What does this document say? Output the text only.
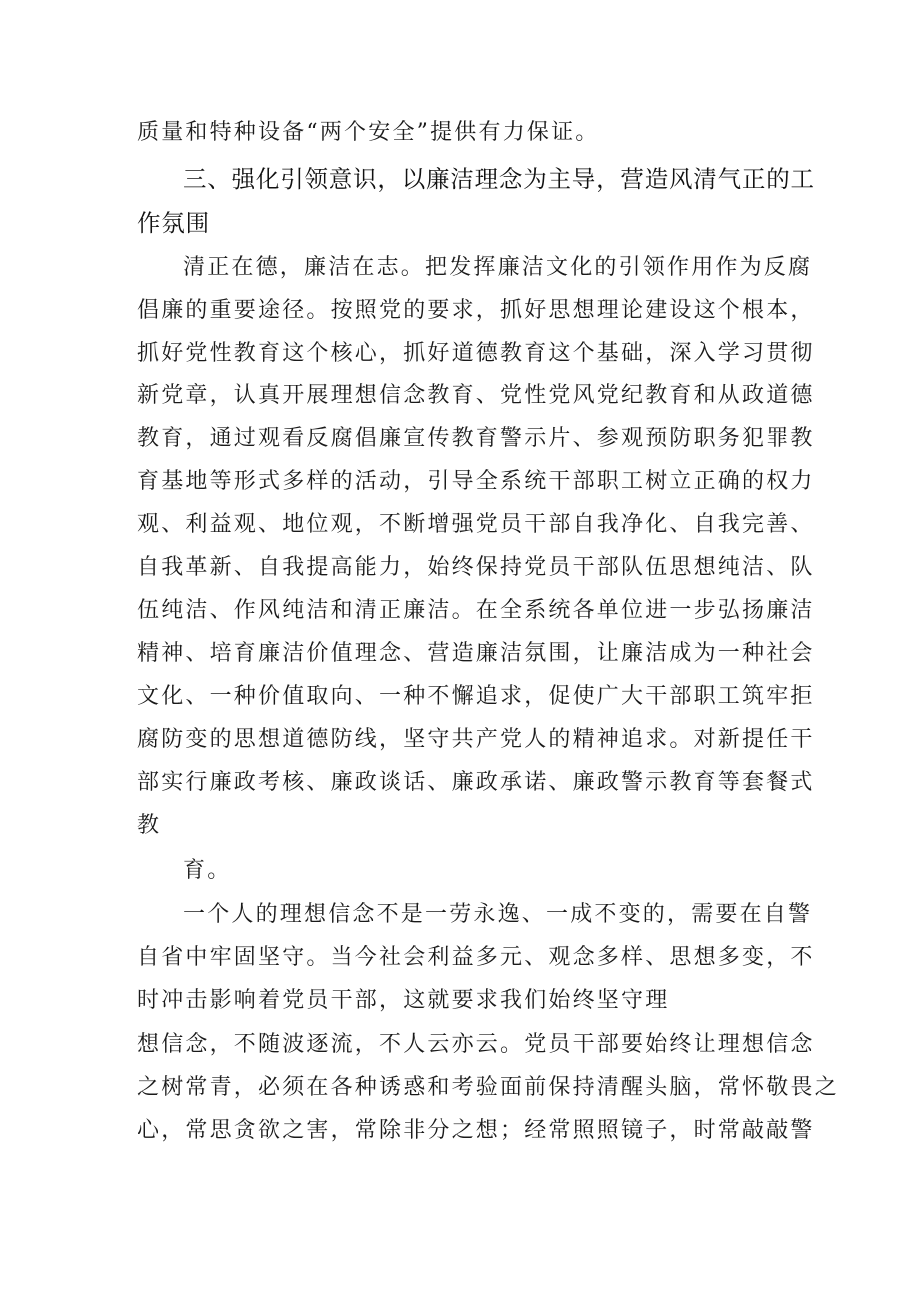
质量和特种设备“两个安全”提供有力保证。
三、强化引领意识，以廉洁理念为主导，营造风清气正的工
作氛围
清正在德，廉洁在志。把发挥廉洁文化的引领作用作为反腐
倡廉的重要途径。按照党的要求，抓好思想理论建设这个根本，
抓好党性教育这个核心，抓好道德教育这个基础，深入学习贯彻
新党章，认真开展理想信念教育、党性党风党纪教育和从政道德
教育，通过观看反腐倡廉宣传教育警示片、参观预防职务犯罪教
育基地等形式多样的活动，引导全系统干部职工树立正确的权力
观、利益观、地位观，不断增强党员干部自我净化、自我完善、
自我革新、自我提高能力，始终保持党员干部队伍思想纯洁、队
伍纯洁、作风纯洁和清正廉洁。在全系统各单位进一步弘扬廉洁
精神、培育廉洁价值理念、营造廉洁氛围，让廉洁成为一种社会
文化、一种价值取向、一种不懈追求，促使广大干部职工筑牢拒
腐防变的思想道德防线，坚守共产党人的精神追求。对新提任干
部实行廉政考核、廉政谈话、廉政承诺、廉政警示教育等套餐式
教
育。
一个人的理想信念不是一劳永逸、一成不变的，需要在自警
自省中牢固坚守。当今社会利益多元、观念多样、思想多变，不
时冲击影响着党员干部，这就要求我们始终坚守理
想信念，不随波逐流，不人云亦云。党员干部要始终让理想信念
之树常青，必须在各种诱惑和考验面前保持清醒头脑，常怀敬畏之
心，常思贪欲之害，常除非分之想；经常照照镜子，时常敲敲警
